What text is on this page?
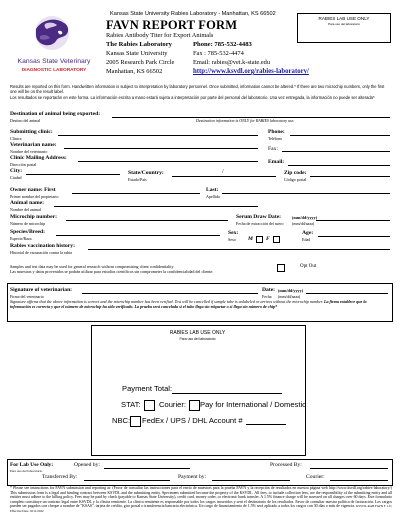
Kansas State University Rabies Laboratory - Manhattan, KS 66502
FAVN REPORT FORM
Rabies Antibody Titer for Export Animals
The Rabies Laboratory
Kansas State University
2005 Research Park Circle
Manhattan, KS 66502
Phone: 785-532-4483
Fax : 785-532-4474
Email: rabies@vet.k-state.edu
http://www.ksvdl.org/rabies-laboratory/
RABIES LAB USE ONLY
Para uso del laboratorio
Kansas State Veterinary
DIAGNOSTIC LABORATORY
Results are reported on this form. Handwritten information is subject to interpretation by laboratory personnel. Once submitted, information cannot be altered.* If there are two microchip numbers, only the first one will be on the result label.
Los resultados se reportarán en este forma. La información escrita a mano estará sujeta a interpretación por parte del personal del laboratorio. Una vez entregada, la información no puede ser alterada*
Destination of animal being exported:
Destino del animal	Destination information is ONLY for RABIES laboratory use.
Submitting clinic:
Clínica
Phone:
Teléfono
Veterinarian name:
Nombre del veterinario	Fax:
Clinic Mailing Address:
Dirección postal	Email:
City:
Ciudad
State/Country:	/
Estado/País
Zip code:
Código postal
Owner name: First
Primer nombre del propietario
Last:
Apellido
Animal name:
Nombre del animal
Microchip number:
Número de microchip
Serum Draw Date:	(mm/dd/yyyy)
Fecha de extracción del suero (mm/dd/aaaa)
Species/Breed:
Especie/Raza
Sex:
Sexo M F
Age:
Edad
Rabies vaccination history:
Historial de vacunación contra la rabia
Samples and test data may be used for general research without compromising client confidentiality
Las muestras y datos provenidos se podrán utilizar para estudios científicos sin comprometer la confidencialidad del cliente.
Opt Out
Signature of veterinarian:
Firma del veterinario
Date: (mm/dd/yyyy)
Fecha (mm/dd/aaaa)
Signature affirms that the above information is correct and the microchip number has been verified. Test will be cancelled if sample tube is unlabeled or arrives without the microchip number. La firma establece que la información es correcta y que el número de microchip ha sido verificado. La prueba será cancelada si el tubo llega sin etiquetar o si llega sin número de chip*
RABIES LAB USE ONLY
Para uso del laboratorio
Payment Total:
STAT: Courier: Pay for International / Domestic
NBC: FedEx / UPS / DHL Account #
For Lab Use Only:
Para uso del laboratorio
Opened by:	Processed By:
Transferred By:	Payment by:	Courier:
* Please see instructions for FAVN submission and reporting at: (Favor de consultar las instrucciones para el envío de muestras para la prueba FAVN y la recepción de resultados en nuestra página web http://www.ksvdl.org/rabies-laboratory/) This submission form is a legal and binding contract between KSVDL and the submitting entity. Specimens submitted become the property of the KSVDL. All fees, to include collection fees, are the responsibility of the submitting entity and all entities must adhere to the billing policy. Fees may be paid by check (payable to Kansas State University), credit card, money order, or electronic bank transfer. A 1.5% finance charge will be assessed on all charges over 60 days. Este formulario completo constituye un contrato legal entre KSVDL y la clínica remitente. La clínica remitente es responsable por todos los cargos incurridos y será el destinatario de los resultados. Favor de consultar nuestra política de facturación. Los cargos pueden ser pagados con cheque a nombre de "KSAS", tarjeta de crédito, giro postal o transferencia bancaria electrónica. Un cargo de financiamiento de 1.5% será aplicado a todos los cargos con 30 días o más de vigencia. KSVDL-RAB FAVN F 1.0 | Effective Date 10/11/2022
